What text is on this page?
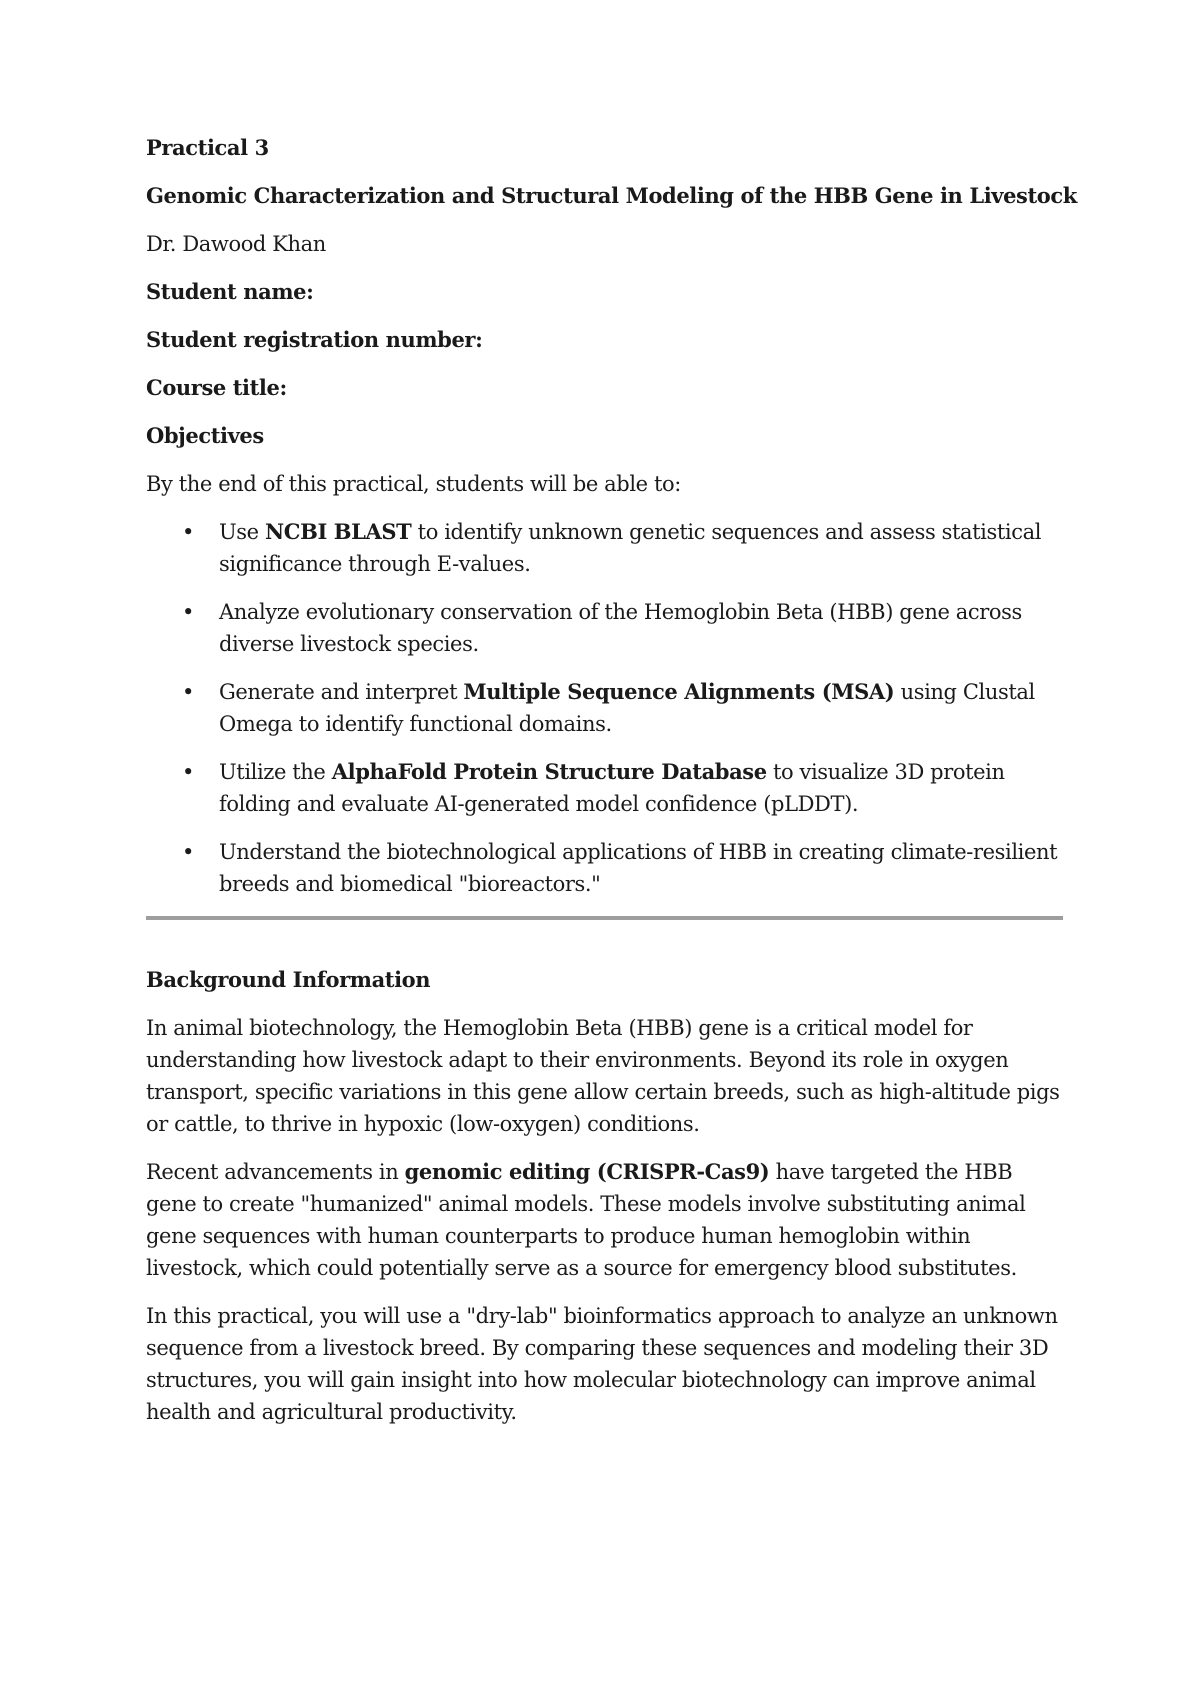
Practical 3
Genomic Characterization and Structural Modeling of the HBB Gene in Livestock
Dr. Dawood Khan
Student name:
Student registration number:
Course title:
Objectives
By the end of this practical, students will be able to:
• Use NCBI BLAST to identify unknown genetic sequences and assess statistical significance through E-values.
• Analyze evolutionary conservation of the Hemoglobin Beta (HBB) gene across diverse livestock species.
• Generate and interpret Multiple Sequence Alignments (MSA) using Clustal Omega to identify functional domains.
• Utilize the AlphaFold Protein Structure Database to visualize 3D protein folding and evaluate AI-generated model confidence (pLDDT).
• Understand the biotechnological applications of HBB in creating climate-resilient breeds and biomedical "bioreactors."
Background Information

In animal biotechnology, the Hemoglobin Beta (HBB) gene is a critical model for understanding how livestock adapt to their environments. Beyond its role in oxygen transport, specific variations in this gene allow certain breeds, such as high-altitude pigs or cattle, to thrive in hypoxic (low-oxygen) conditions.

Recent advancements in genomic editing (CRISPR-Cas9) have targeted the HBB gene to create "humanized" animal models. These models involve substituting animal gene sequences with human counterparts to produce human hemoglobin within livestock, which could potentially serve as a source for emergency blood substitutes.

In this practical, you will use a "dry-lab" bioinformatics approach to analyze an unknown sequence from a livestock breed. By comparing these sequences and modeling their 3D structures, you will gain insight into how molecular biotechnology can improve animal health and agricultural productivity.
